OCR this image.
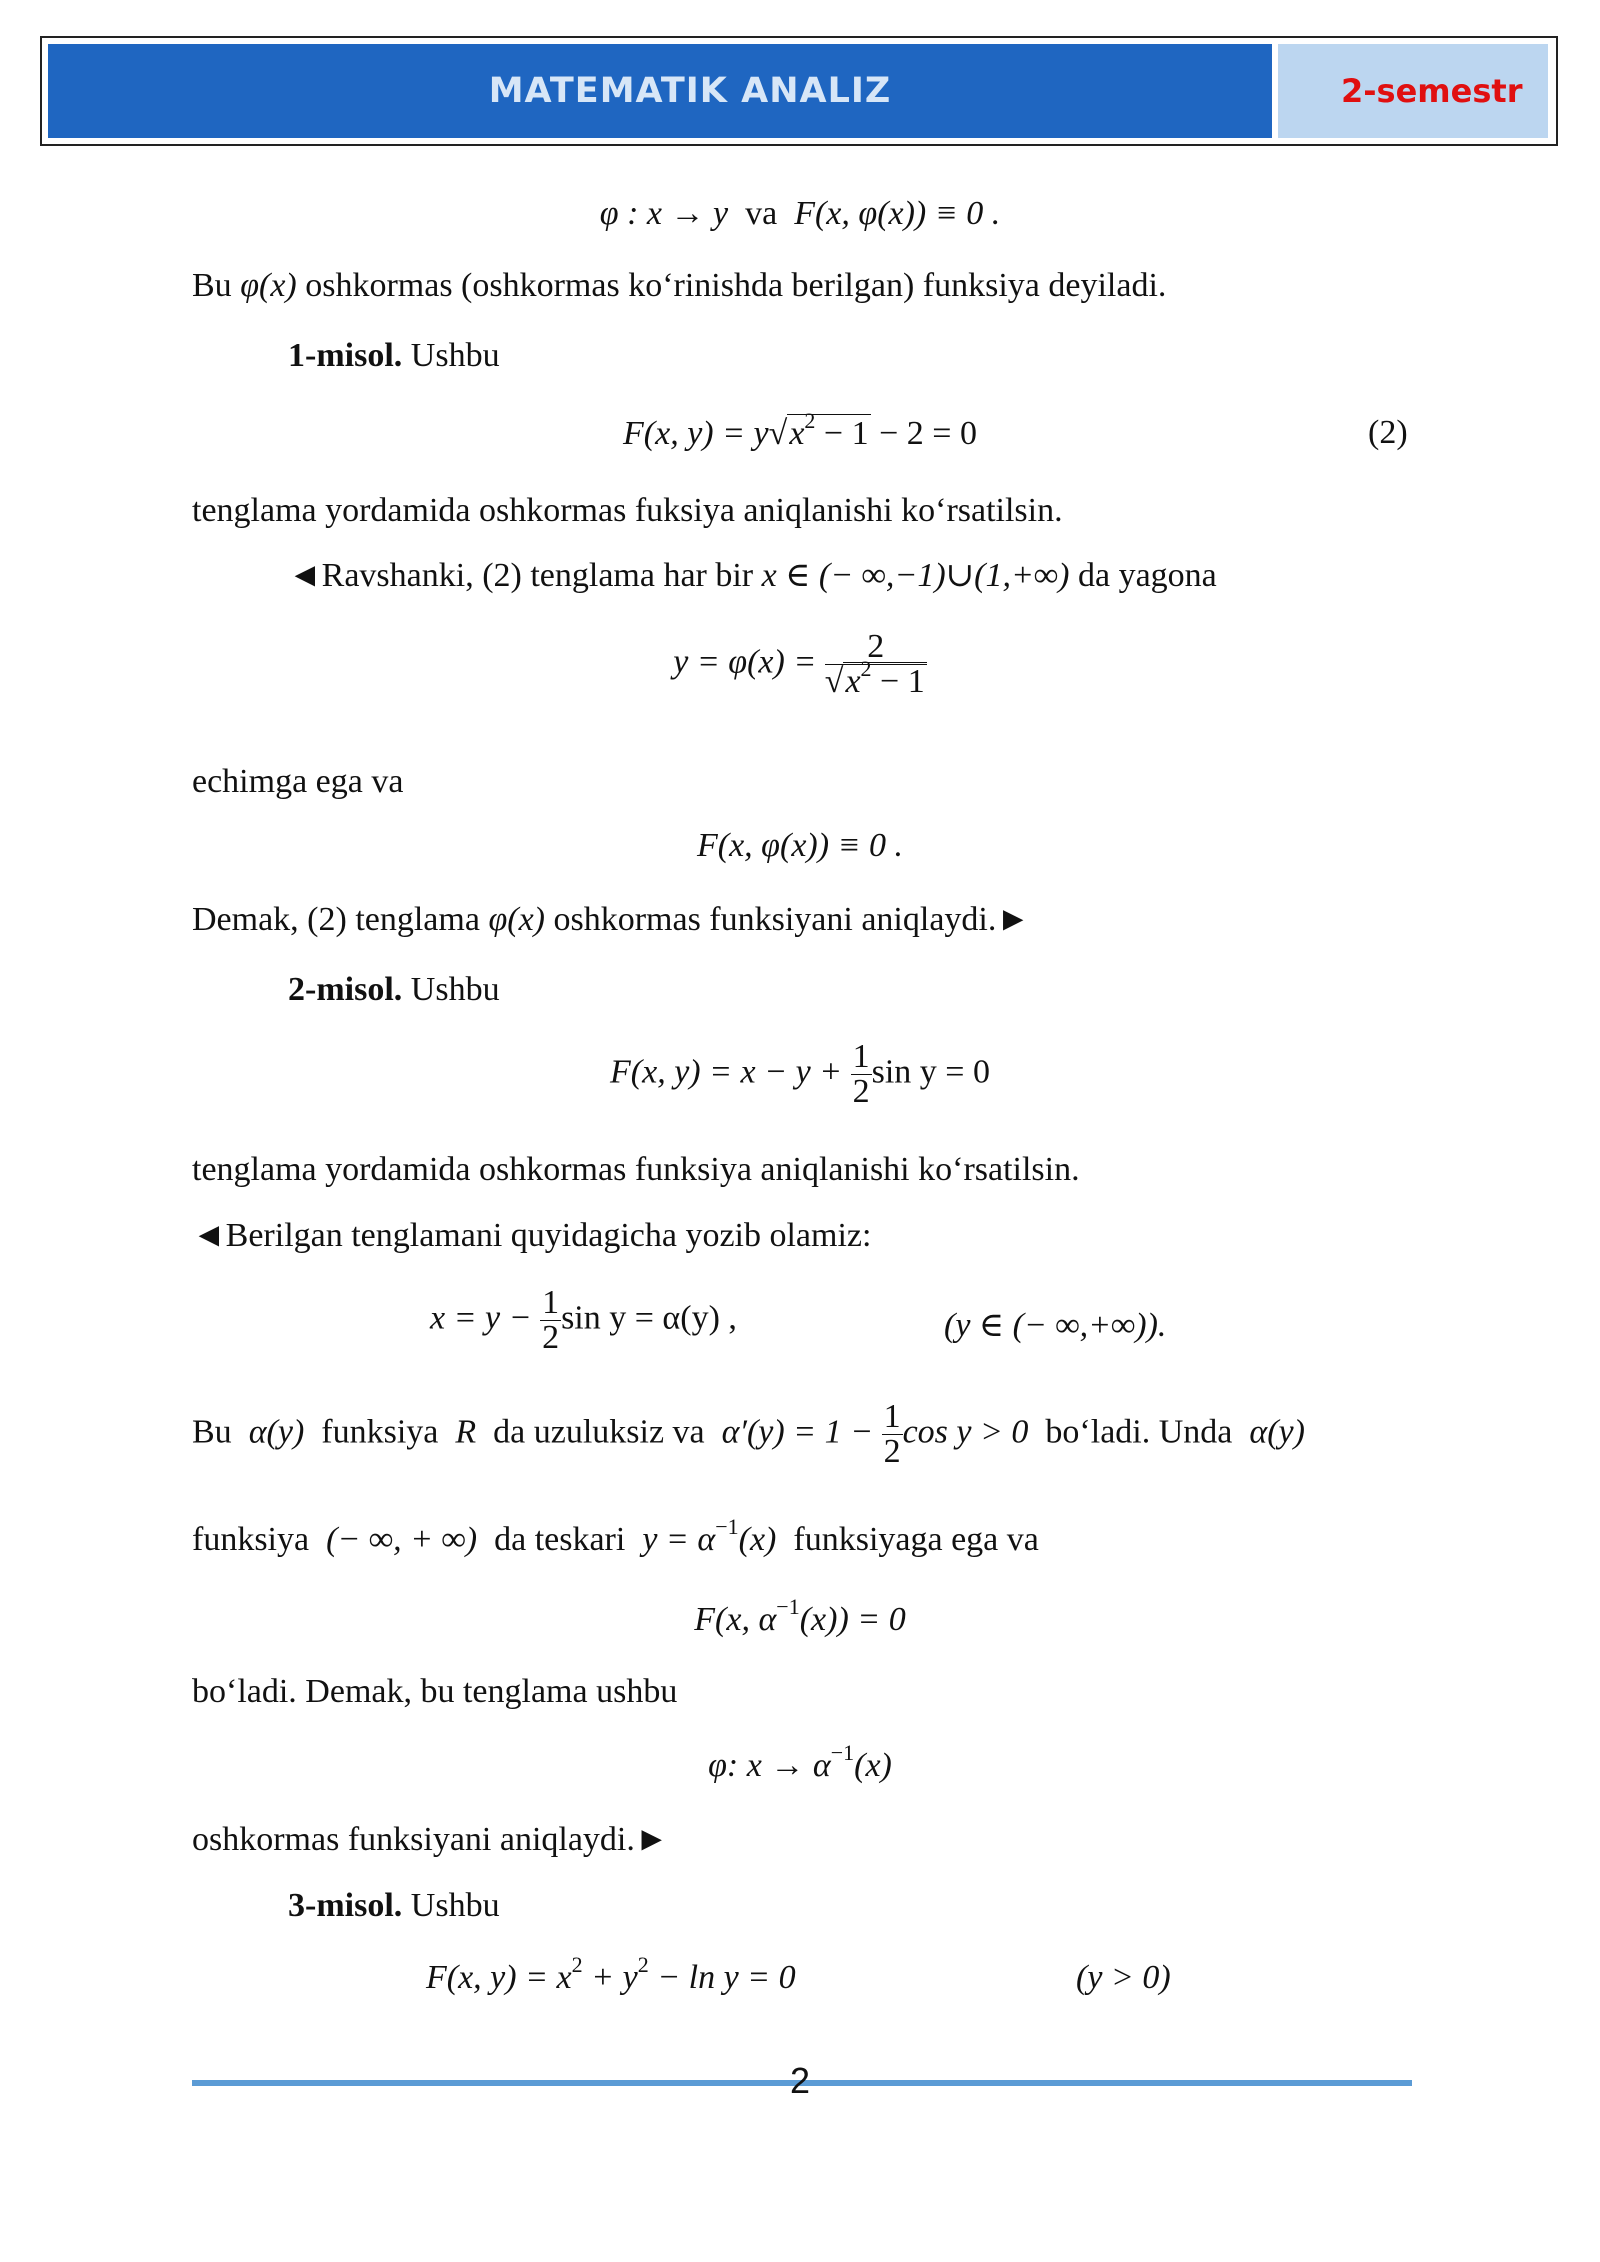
MATEMATIK ANALIZ	2-semestr
φ : x → y va F(x, φ(x)) ≡ 0 .
Bu φ(x) oshkormas (oshkormas ko‘rinishda berilgan) funksiya deyiladi.
1-misol. Ushbu
F(x, $y) = y√x^2 - 1 - 2 = 0$	(2)
tenglama yordamida oshkormas fuksiya aniqlanishi ko‘rsatilsin.
◄Ravshanki, (2) tenglama har bir x ∈ (− ∞,−1)∪(1,+∞) da yagona
$y = \varphi(x) = \frac{2}{√x^2 - 1}$
echimga ega va
F(x, φ(x)) ≡ 0 .
Demak, (2) tenglama φ(x) oshkormas funksiyani aniqlaydi.►
2-misol. Ushbu
F(x, $y) = x - y + \frac{1}{2}$ sin y = 0
tenglama yordamida oshkormas funksiya aniqlanishi ko‘rsatilsin.
◄Berilgan tenglamani quyidagicha yozib olamiz:
$x = y - \frac{1}{2}$ sin y = α(y) ,	(y ∈ (− ∞,+∞)).
Bu α(y) funksiya R da uzuluksiz va $\alpha'(y) = 1 - \frac{1}{2}$ cos y > 0 bo‘ladi. Unda α(y)
funksiya (− ∞, + ∞) da teskari $y = \alpha^{-1}(x)$ funksiyaga ega va
F(x, $\alpha^{-1}(x)) = 0$
bo‘ladi. Demak, bu tenglama ushbu
φ: $x \to \alpha^{-1}(x)$
oshkormas funksiyani aniqlaydi.►
3-misol. Ushbu
F(x, $y) = x^2 + y^2 - \ln y = 0$	(y > 0)
2
